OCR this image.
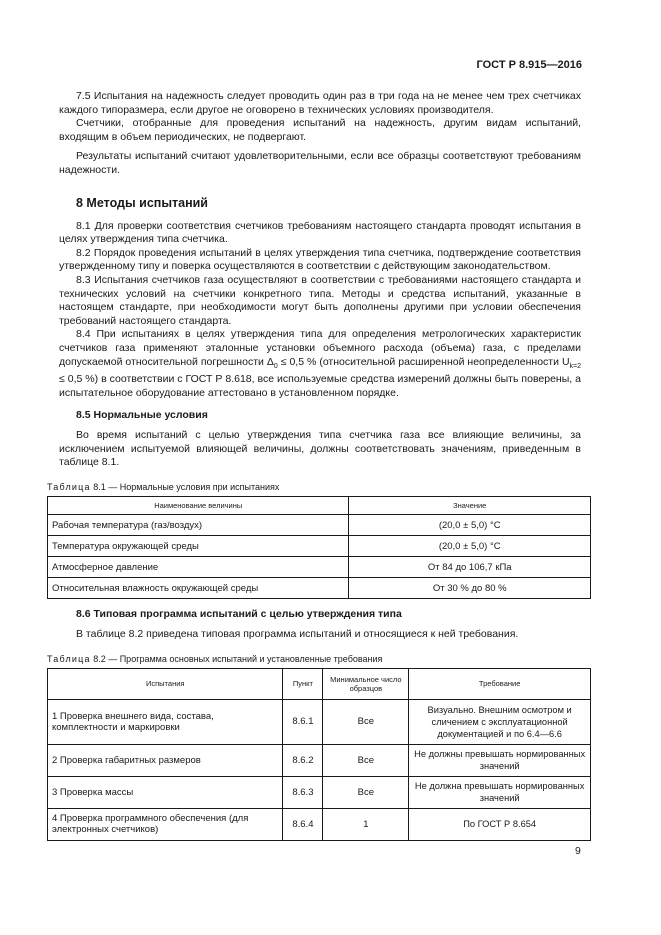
ГОСТ Р 8.915—2016

7.5 Испытания на надежность следует проводить один раз в три года на не менее чем трех счетчиках каждого типоразмера, если другое не оговорено в технических условиях производителя.

Счетчики, отобранные для проведения испытаний на надежность, другим видам испытаний, входящим в объем периодических, не подвергают.

Результаты испытаний считают удовлетворительными, если все образцы соответствуют требованиям надежности.

8 Методы испытаний

8.1 Для проверки соответствия счетчиков требованиям настоящего стандарта проводят испытания в целях утверждения типа счетчика.

8.2 Порядок проведения испытаний в целях утверждения типа счетчика, подтверждение соответствия утвержденному типу и поверка осуществляются в соответствии с действующим законодательством.

8.3 Испытания счетчиков газа осуществляют в соответствии с требованиями настоящего стандарта и технических условий на счетчики конкретного типа. Методы и средства испытаний, указанные в настоящем стандарте, при необходимости могут быть дополнены другими при условии обеспечения требований настоящего стандарта.

8.4 При испытаниях в целях утверждения типа для определения метрологических характеристик счетчиков газа применяют эталонные установки объемного расхода (объема) газа, с пределами допускаемой относительной погрешности $\Delta_0 \le 0,5$ % (относительной расширенной неопределенности $U_{k=2} \le 0,5$ %) в соответствии с ГОСТ Р 8.618, все используемые средства измерений должны быть поверены, а испытательное оборудование аттестовано в установленном порядке.

8.5 Нормальные условия

Во время испытаний с целью утверждения типа счетчика газа все влияющие величины, за исключением испытуемой влияющей величины, должны соответствовать значениям, приведенным в таблице 8.1.

Таблица 8.1 — Нормальные условия при испытаниях
Наименование величины	Значение
Рабочая температура (газ/воздух)	(20,0 ± 5,0) °С
Температура окружающей среды	(20,0 ± 5,0) °С
Атмосферное давление	От 84 до 106,7 кПа
Относительная влажность окружающей среды	От 30 % до 80 %
8.6 Типовая программа испытаний с целью утверждения типа

В таблице 8.2 приведена типовая программа испытаний и относящиеся к ней требования.

Таблица 8.2 — Программа основных испытаний и установленные требования
Испытания	Пункт	Минимальное число образцов	Требование
1 Проверка внешнего вида, состава, комплектности и маркировки	8.6.1	Все	Визуально. Внешним осмотром и сличением с эксплуатационной документацией и по 6.4—6.6
2 Проверка габаритных размеров	8.6.2	Все	Не должны превышать нормированных значений
3 Проверка массы	8.6.3	Все	Не должна превышать нормированных значений
4 Проверка программного обеспечения (для электронных счетчиков)	8.6.4	1	По ГОСТ Р 8.654
9
